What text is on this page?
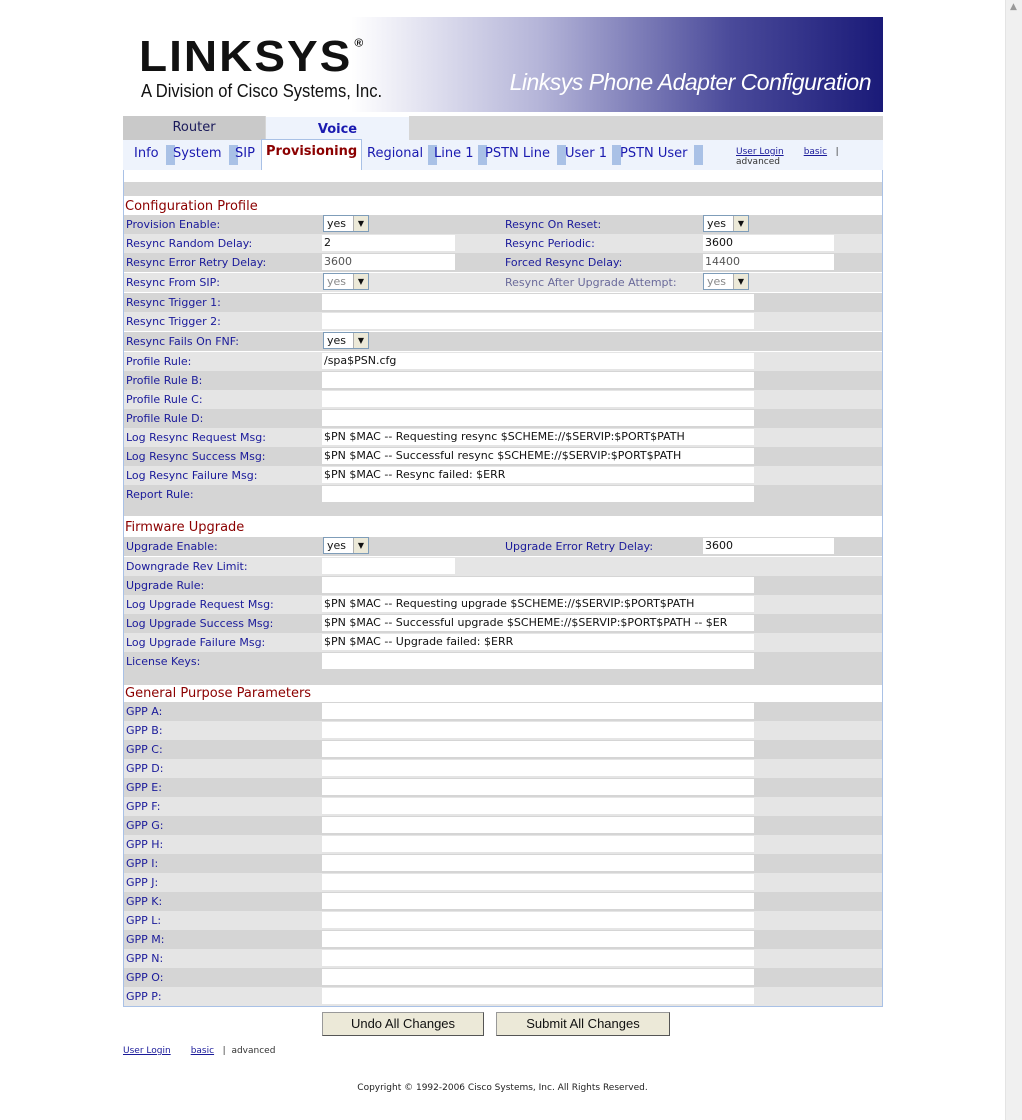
LINKSYS ®
A Division of Cisco Systems, Inc.	Linksys Phone Adapter Configuration
Router	Voice
Info	System	SIP Provisioning Regional Line 1 PSTN Line	User 1 PSTN User	User Login basic |  advanced
Configuration Profile
Provision Enable:	yes	▼	Resync On Reset:	yes	▼
Resync Random Delay:	2	Resync Periodic:	3600
Resync Error Retry Delay:	3600	Forced Resync Delay:	14400
Resync From SIP:	yes	▼	Resync After Upgrade Attempt:	yes	▼
Resync Trigger 1:
Resync Trigger 2:
Resync Fails On FNF:	yes	▼
Profile Rule:	/spa$PSN.cfg
Profile Rule B:
Profile Rule C:
Profile Rule D:
Log Resync Request Msg:	$PN $MAC -- Requesting resync $SCHEME://$SERVIP:$PORT$PATH
Log Resync Success Msg:	$PN $MAC -- Successful resync $SCHEME://$SERVIP:$PORT$PATH
Log Resync Failure Msg:	$PN $MAC -- Resync failed: $ERR
Report Rule:
Firmware Upgrade
Upgrade Enable:	yes	▼	Upgrade Error Retry Delay:	3600
Downgrade Rev Limit:
Upgrade Rule:
Log Upgrade Request Msg:	$PN $MAC -- Requesting upgrade $SCHEME://$SERVIP:$PORT$PATH
Log Upgrade Success Msg:	$PN $MAC -- Successful upgrade $SCHEME://$SERVIP:$PORT$PATH -- $ER
Log Upgrade Failure Msg:	$PN $MAC -- Upgrade failed: $ERR
License Keys:
General Purpose Parameters
GPP A:
GPP B:
GPP C:
GPP D:
GPP E:
GPP F:
GPP G:
GPP H:
GPP I:
GPP J:
GPP K:
GPP L:
GPP M:
GPP N:
GPP O:
GPP P:
Undo All Changes	Submit All Changes
User Login basic | advanced
Copyright © 1992-2006 Cisco Systems, Inc. All Rights Reserved.
▲
